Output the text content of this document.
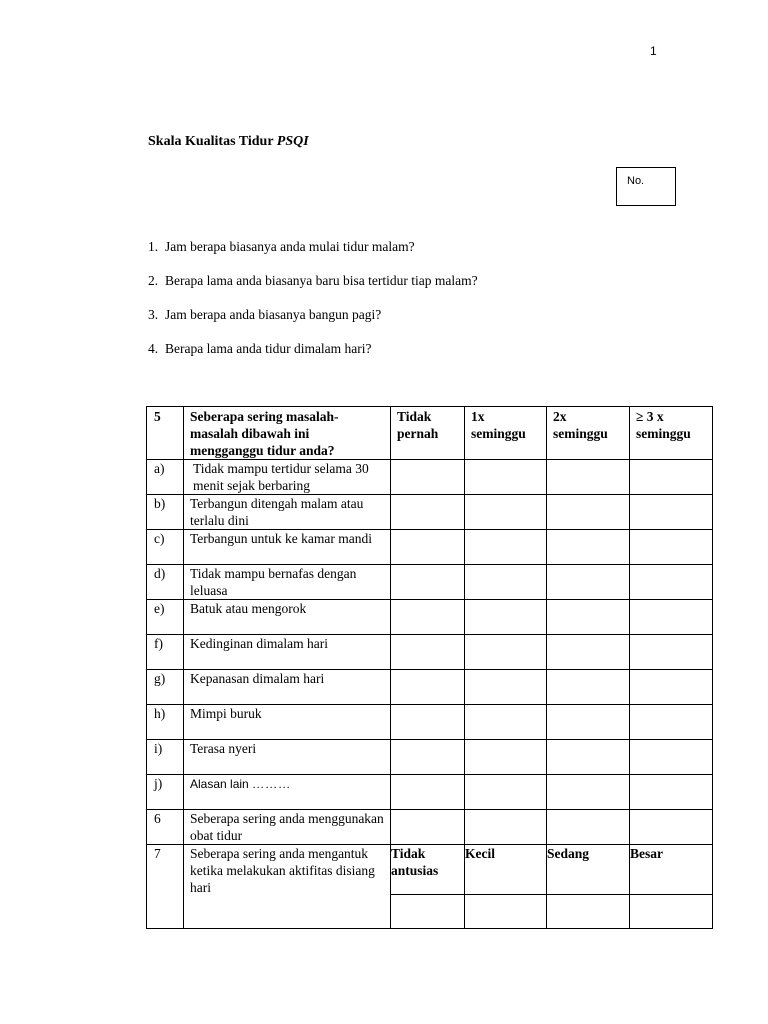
1
Skala Kualitas Tidur PSQI
No.
1. Jam berapa biasanya anda mulai tidur malam?
2. Berapa lama anda biasanya baru bisa tertidur tiap malam?
3. Jam berapa anda biasanya bangun pagi?
4. Berapa lama anda tidur dimalam hari?
5	Seberapa sering masalah-masalah dibawah ini mengganggu tidur anda?	Tidak pernah	1x seminggu	2x seminggu	≥ 3 x seminggu
a)	Tidak mampu tertidur selama 30 menit sejak berbaring				
b)	Terbangun ditengah malam atau terlalu dini				
c)	Terbangun untuk ke kamar mandi				
d)	Tidak mampu bernafas dengan leluasa				
e)	Batuk atau mengorok				
f)	Kedinginan dimalam hari				
g)	Kepanasan dimalam hari				
h)	Mimpi buruk				
i)	Terasa nyeri				
j)	Alasan lain ………				
6	Seberapa sering anda menggunakan obat tidur				
7	Seberapa sering anda mengantuk ketika melakukan aktifitas disiang hari	Tidak antusias	Kecil	Sedang	Besar
